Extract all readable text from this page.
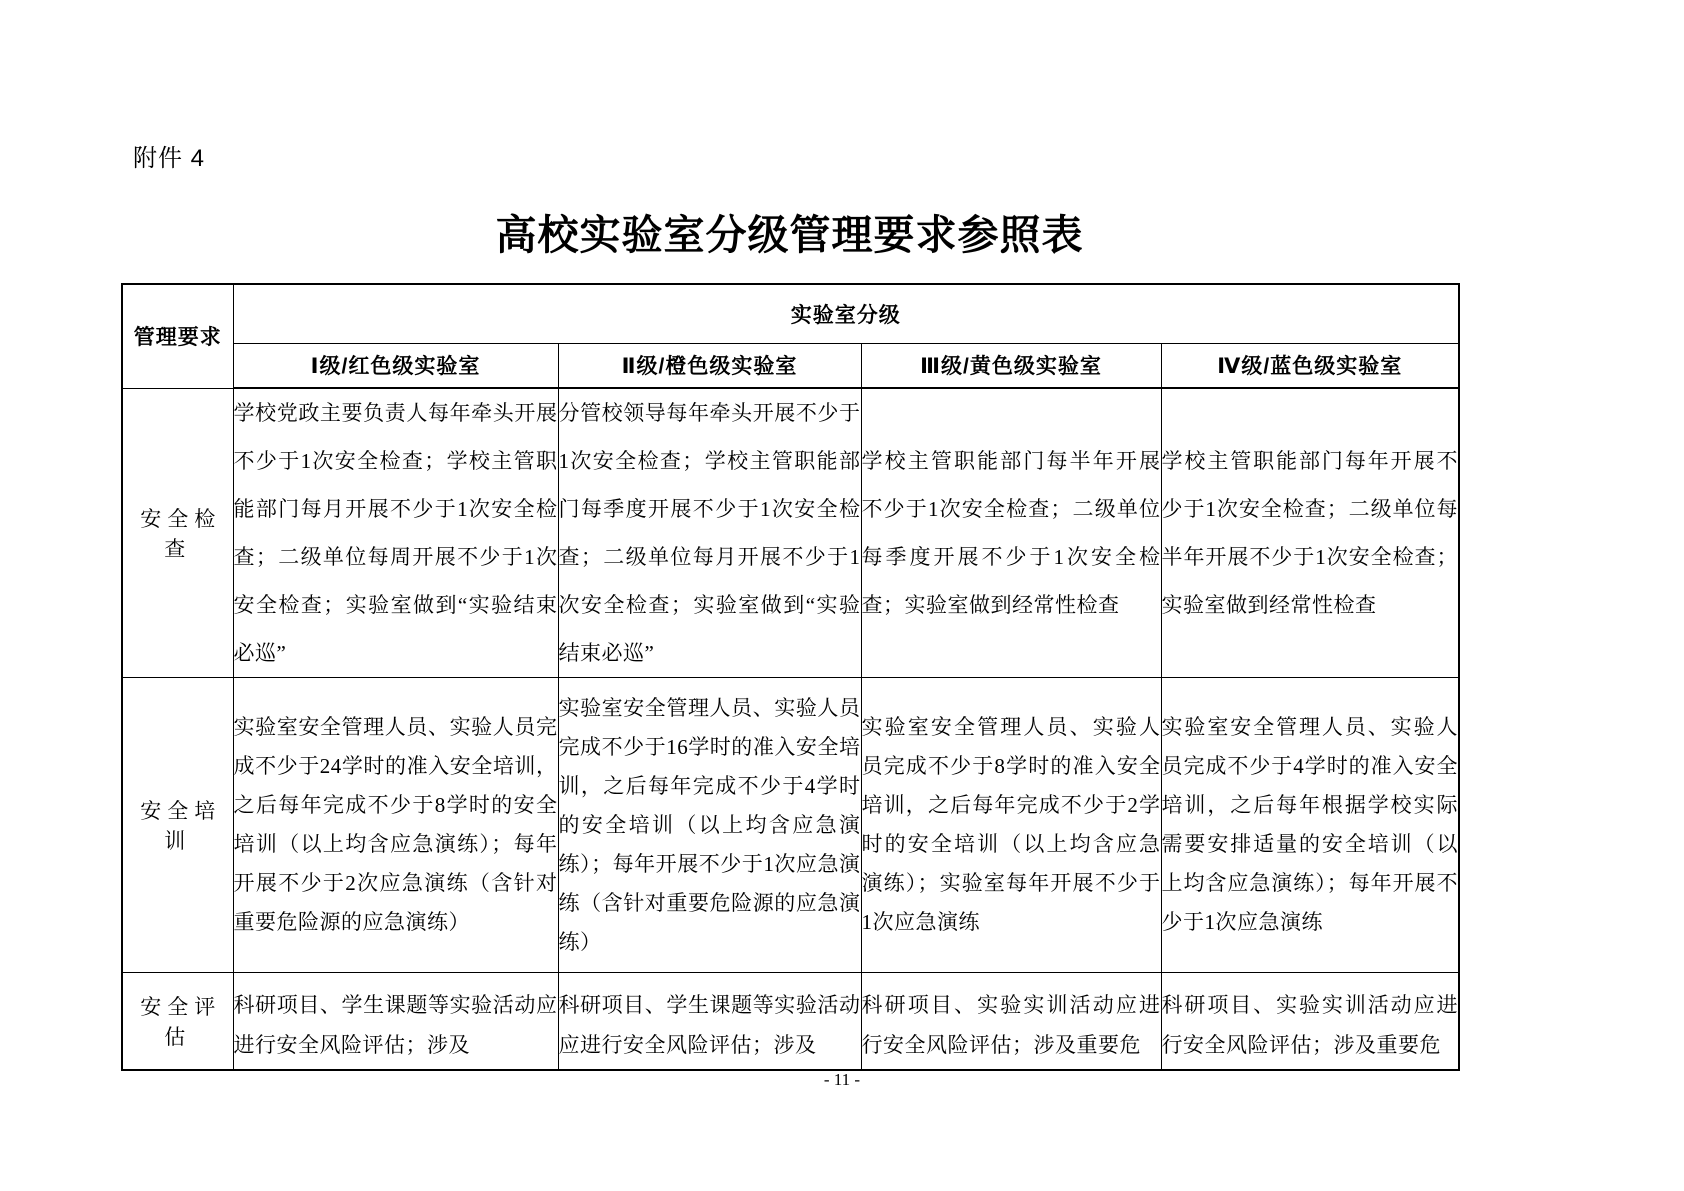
附件 4
高校实验室分级管理要求参照表
管理要求	实验室分级			
	Ⅰ级/红色级实验室	Ⅱ级/橙色级实验室	Ⅲ级/黄色级实验室	Ⅳ级/蓝色级实验室
安全检查	学校党政主要负责人每年牵头开展不少于1次安全检查；学校主管职能部门每月开展不少于1次安全检查；二级单位每周开展不少于1次安全检查；实验室做到“实验结束必巡”	分管校领导每年牵头开展不少于1次安全检查；学校主管职能部门每季度开展不少于1次安全检查；二级单位每月开展不少于1次安全检查；实验室做到“实验结束必巡”	学校主管职能部门每半年开展不少于1次安全检查；二级单位每季度开展不少于1次安全检查；实验室做到经常性检查	学校主管职能部门每年开展不少于1次安全检查；二级单位每半年开展不少于1次安全检查；实验室做到经常性检查
安全培训	实验室安全管理人员、实验人员完成不少于24学时的准入安全培训，之后每年完成不少于8学时的安全培训（以上均含应急演练）；每年开展不少于2次应急演练（含针对重要危险源的应急演练）	实验室安全管理人员、实验人员完成不少于16学时的准入安全培训，之后每年完成不少于4学时的安全培训（以上均含应急演练）；每年开展不少于1次应急演练（含针对重要危险源的应急演练）	实验室安全管理人员、实验人员完成不少于8学时的准入安全培训，之后每年完成不少于2学时的安全培训（以上均含应急演练）；实验室每年开展不少于1次应急演练	实验室安全管理人员、实验人员完成不少于4学时的准入安全培训，之后每年根据学校实际需要安排适量的安全培训（以上均含应急演练）；每年开展不少于1次应急演练
安全评估	科研项目、学生课题等实验活动应进行安全风险评估；涉及	科研项目、学生课题等实验活动应进行安全风险评估；涉及	科研项目、实验实训活动应进行安全风险评估；涉及重要危	科研项目、实验实训活动应进行安全风险评估；涉及重要危
- 11 -
